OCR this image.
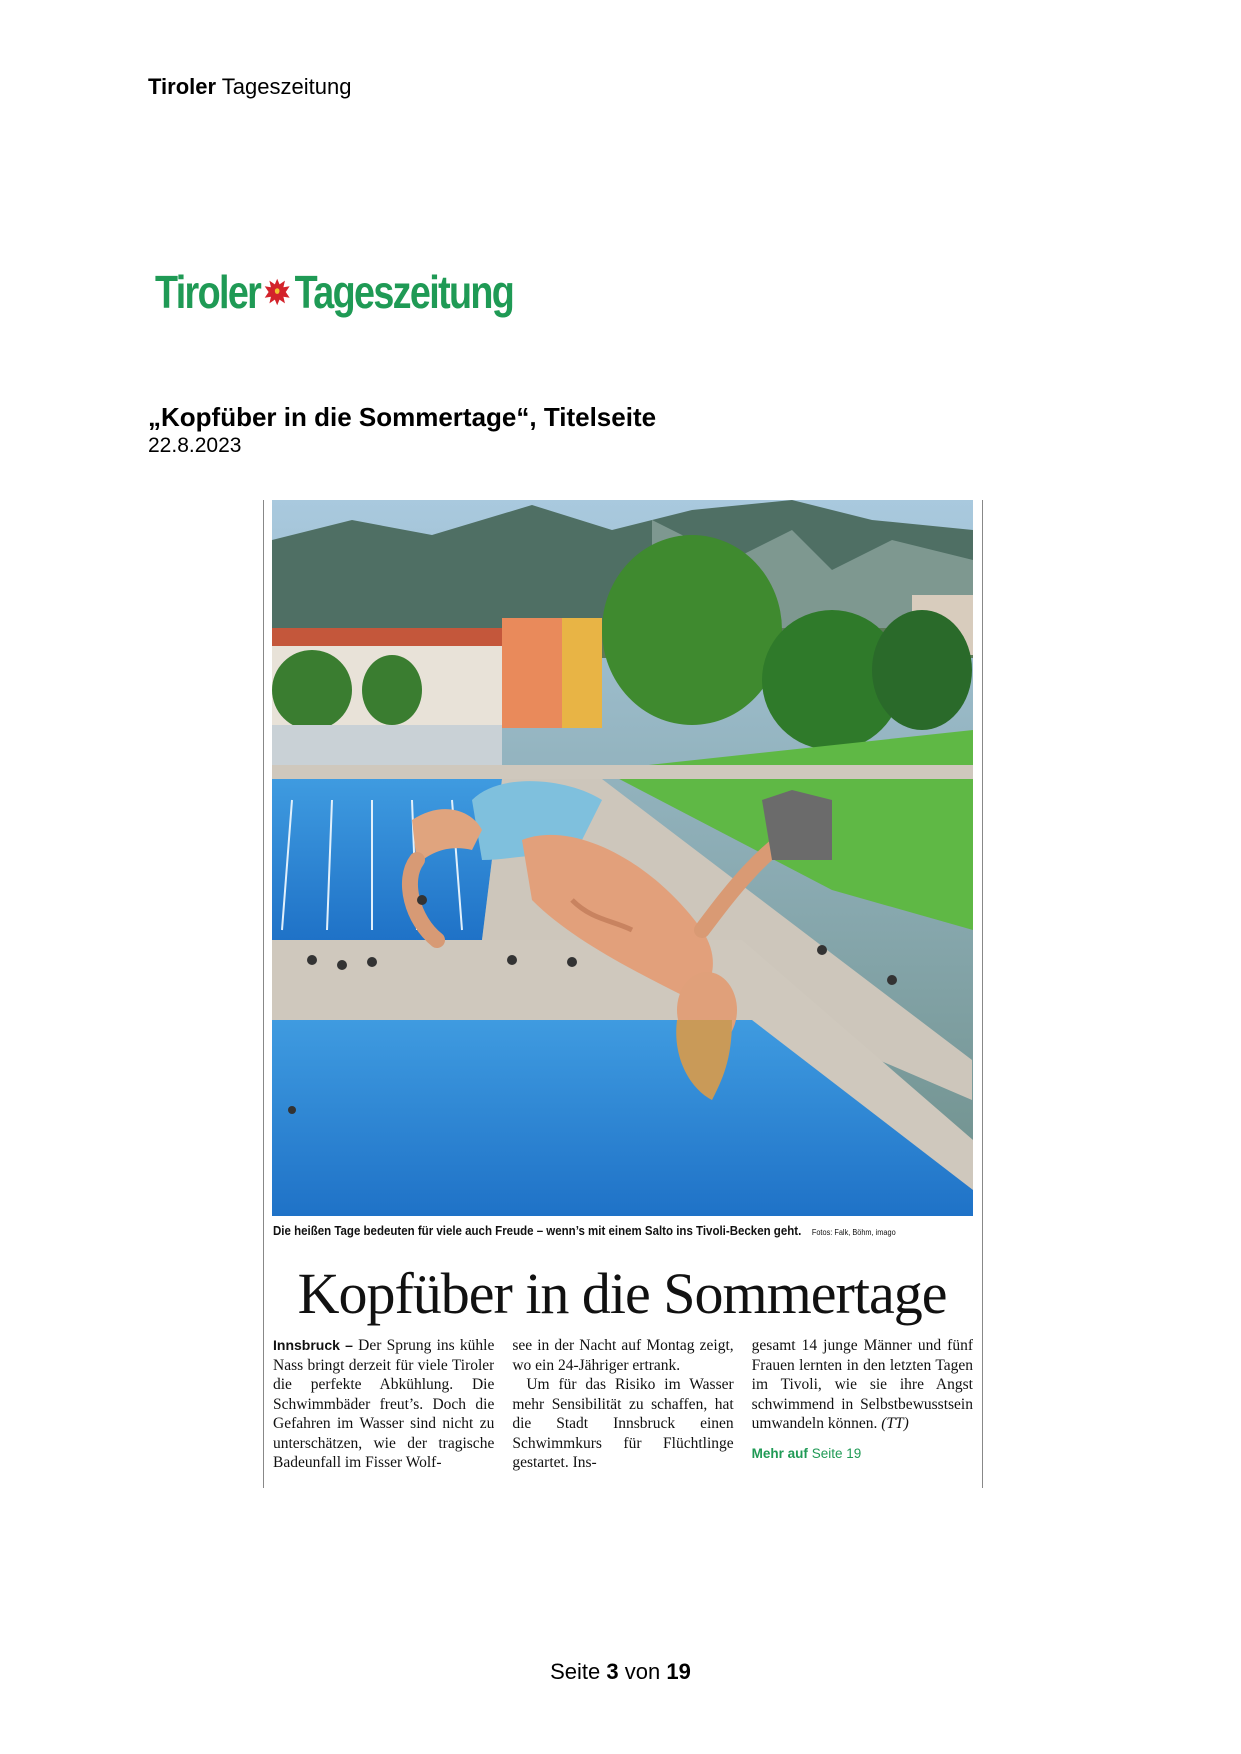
Tiroler Tageszeitung
Tiroler Tageszeitung
„Kopfüber in die Sommertage“, Titelseite
22.8.2023
Die heißen Tage bedeuten für viele auch Freude – wenn’s mit einem Salto ins Tivoli-Becken geht. Fotos: Falk, Böhm, imago
Kopfüber in die Sommertage
Innsbruck – Der Sprung ins kühle Nass bringt derzeit für viele Tiroler die perfekte Abkühlung. Die Schwimmbäder freut’s. Doch die Gefahren im Wasser sind nicht zu unterschätzen, wie der tragische Badeunfall im Fisser Wolf-
see in der Nacht auf Montag zeigt, wo ein 24-Jähriger ertrank.
Um für das Risiko im Wasser mehr Sensibilität zu schaffen, hat die Stadt Innsbruck einen Schwimmkurs für Flüchtlinge gestartet. Ins-
gesamt 14 junge Männer und fünf Frauen lernten in den letzten Tagen im Tivoli, wie sie ihre Angst schwimmend in Selbstbewusstsein umwandeln können. (TT)
Mehr auf Seite 19
Seite 3 von 19
